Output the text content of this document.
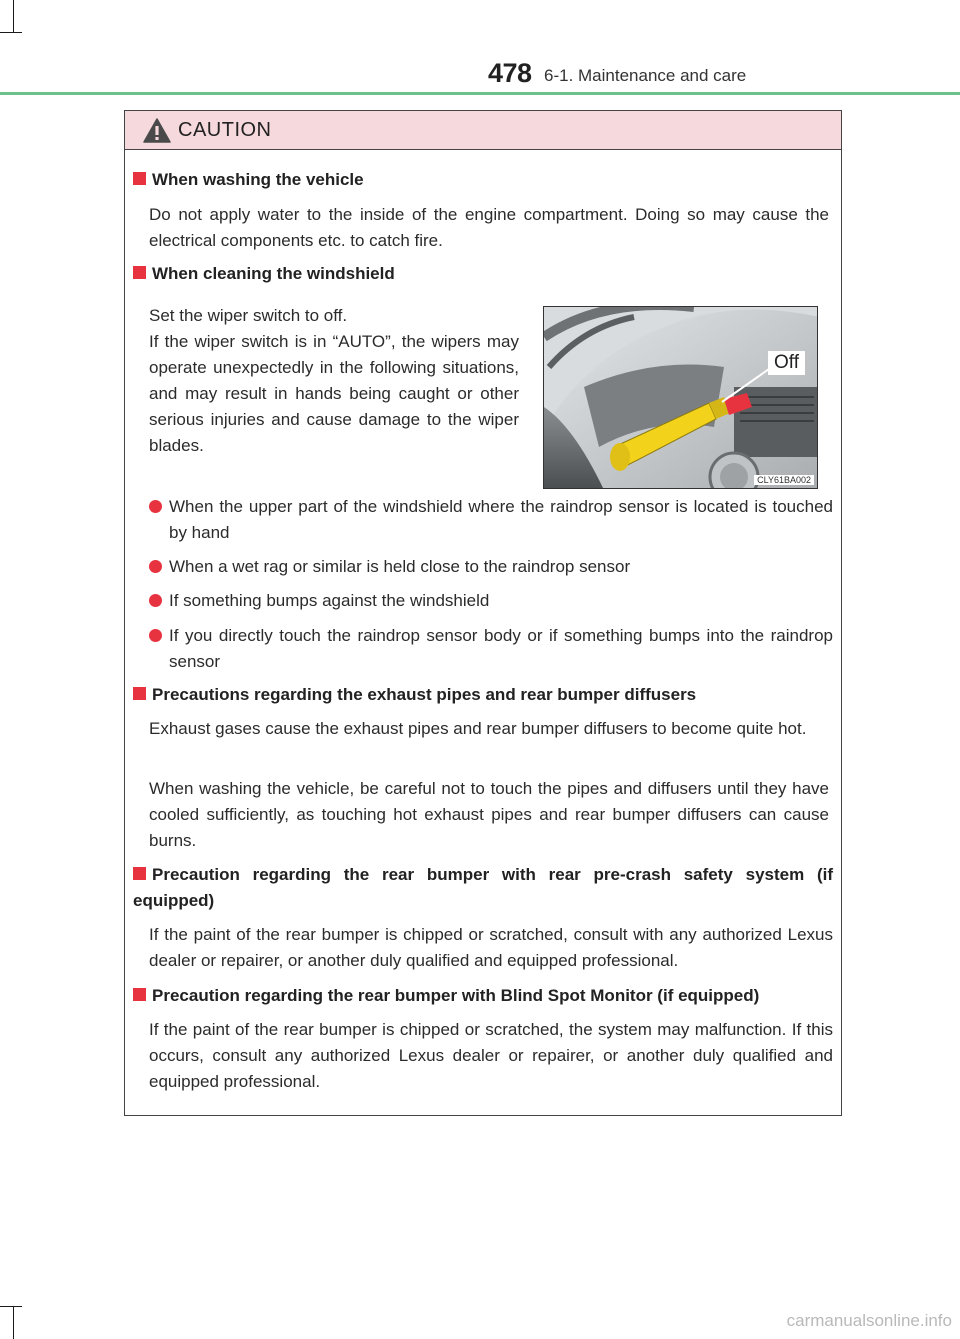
478 6-1. Maintenance and care
CAUTION
When washing the vehicle
Do not apply water to the inside of the engine compartment. Doing so may cause the electrical components etc. to catch fire.
When cleaning the windshield
Set the wiper switch to off.
If the wiper switch is in “AUTO”, the wipers may operate unexpectedly in the following situations, and may result in hands being caught or other serious injuries and cause damage to the wiper blades.
When the upper part of the windshield where the raindrop sensor is located is touched by hand
When a wet rag or similar is held close to the raindrop sensor
If something bumps against the windshield
If you directly touch the raindrop sensor body or if something bumps into the raindrop sensor
Precautions regarding the exhaust pipes and rear bumper diffusers
Exhaust gases cause the exhaust pipes and rear bumper diffusers to become quite hot.
When washing the vehicle, be careful not to touch the pipes and diffusers until they have cooled sufficiently, as touching hot exhaust pipes and rear bumper diffusers can cause burns.
Precaution regarding the rear bumper with rear pre-crash safety system (if equipped)
If the paint of the rear bumper is chipped or scratched, consult with any authorized Lexus dealer or repairer, or another duly qualified and equipped professional.
Precaution regarding the rear bumper with Blind Spot Monitor (if equipped)
If the paint of the rear bumper is chipped or scratched, the system may malfunction. If this occurs, consult any authorized Lexus dealer or repairer, or another duly qualified and equipped professional.
Off
CLY61BA002
carmanualsonline.info
